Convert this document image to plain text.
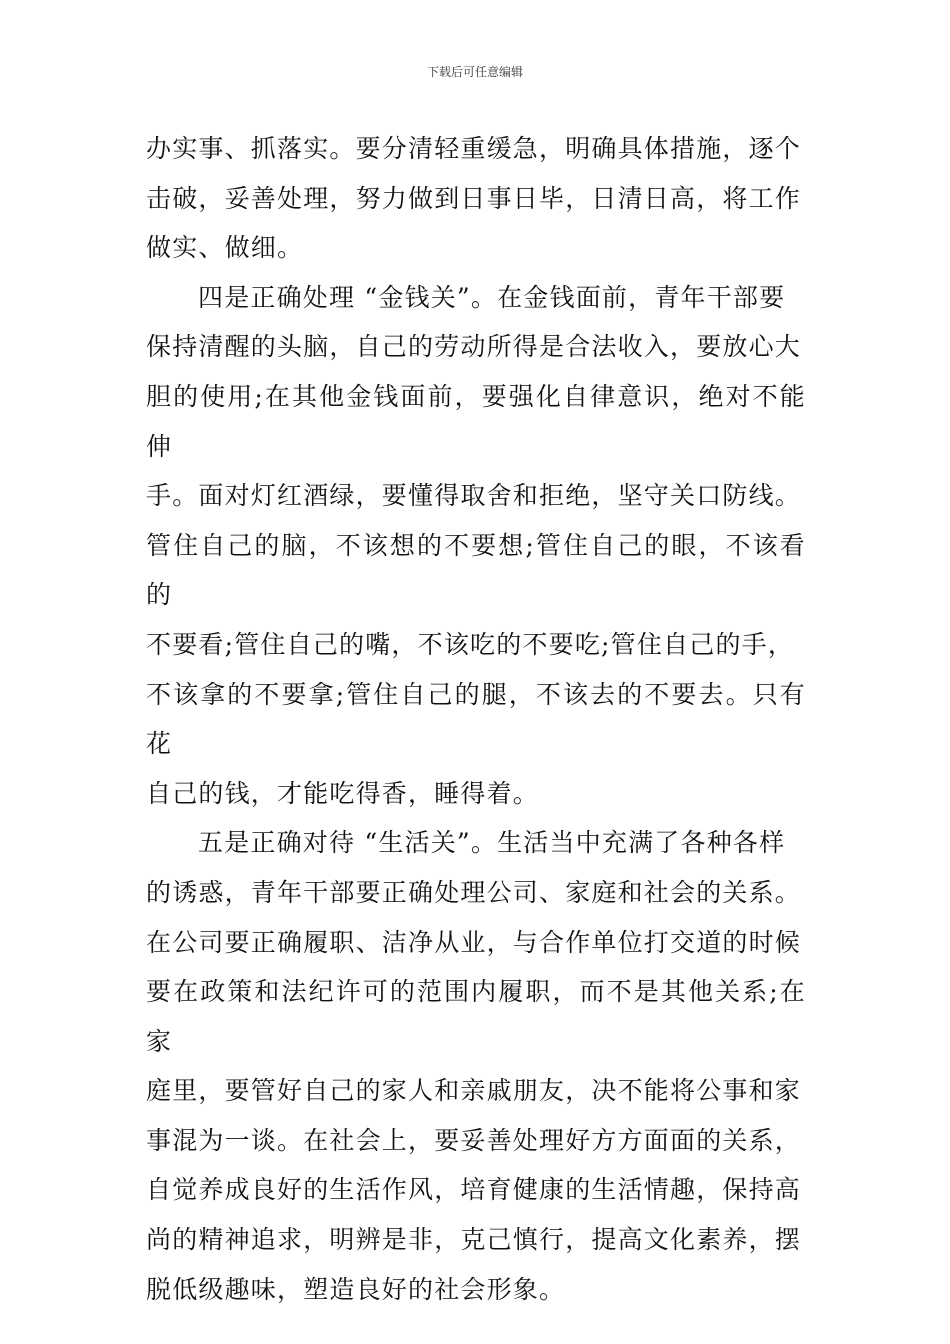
下载后可任意编辑

办实事、抓落实。要分清轻重缓急，明确具体措施，逐个
击破，妥善处理，努力做到日事日毕，日清日高，将工作
做实、做细。

四是正确处理 “金钱关”。在金钱面前，青年干部要
保持清醒的头脑，自己的劳动所得是合法收入，要放心大
胆的使用;在其他金钱面前，要强化自律意识，绝对不能伸
手。面对灯红酒绿，要懂得取舍和拒绝，坚守关口防线。
管住自己的脑，不该想的不要想;管住自己的眼，不该看的
不要看;管住自己的嘴，不该吃的不要吃;管住自己的手，
不该拿的不要拿;管住自己的腿，不该去的不要去。只有花
自己的钱，才能吃得香，睡得着。

五是正确对待 “生活关”。生活当中充满了各种各样
的诱惑，青年干部要正确处理公司、家庭和社会的关系。
在公司要正确履职、洁净从业，与合作单位打交道的时候
要在政策和法纪许可的范围内履职，而不是其他关系;在家
庭里，要管好自己的家人和亲戚朋友，决不能将公事和家
事混为一谈。在社会上，要妥善处理好方方面面的关系，
自觉养成良好的生活作风，培育健康的生活情趣，保持高
尚的精神追求，明辨是非，克己慎行，提高文化素养，摆
脱低级趣味，塑造良好的社会形象。
